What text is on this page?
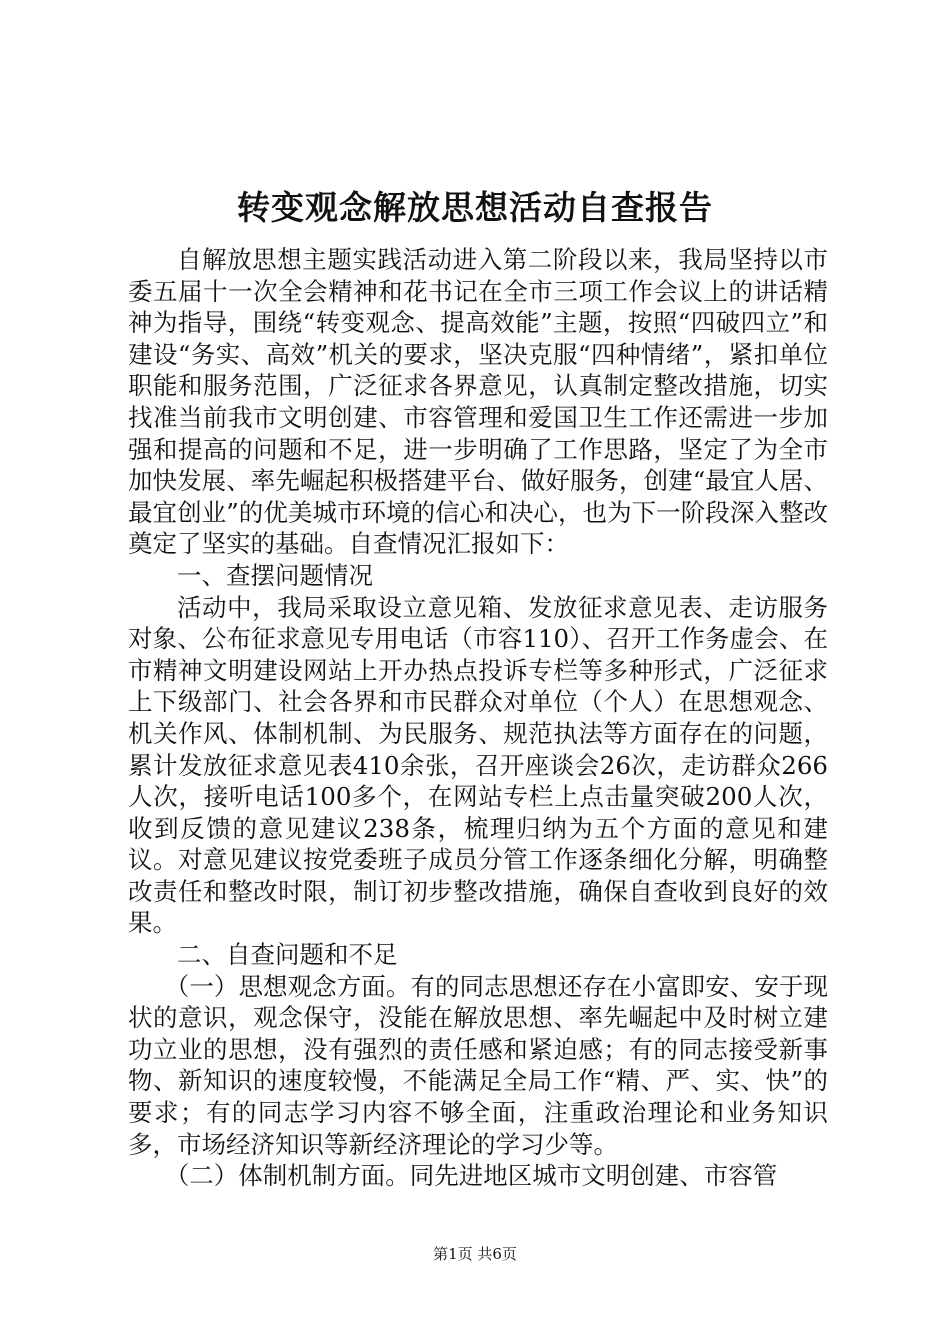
转变观念解放思想活动自查报告

自解放思想主题实践活动进入第二阶段以来，我局坚持以市委五届十一次全会精神和花书记在全市三项工作会议上的讲话精神为指导，围绕“转变观念、提高效能”主题，按照“四破四立”和建设“务实、高效”机关的要求，坚决克服“四种情绪”，紧扣单位职能和服务范围，广泛征求各界意见，认真制定整改措施，切实找准当前我市文明创建、市容管理和爱国卫生工作还需进一步加强和提高的问题和不足，进一步明确了工作思路，坚定了为全市加快发展、率先崛起积极搭建平台、做好服务，创建“最宜人居、最宜创业”的优美城市环境的信心和决心，也为下一阶段深入整改奠定了坚实的基础。自查情况汇报如下：

一、查摆问题情况

活动中，我局采取设立意见箱、发放征求意见表、走访服务对象、公布征求意见专用电话（市容110）、召开工作务虚会、在市精神文明建设网站上开办热点投诉专栏等多种形式，广泛征求上下级部门、社会各界和市民群众对单位（个人）在思想观念、机关作风、体制机制、为民服务、规范执法等方面存在的问题，累计发放征求意见表410余张，召开座谈会26次，走访群众266人次，接听电话100多个，在网站专栏上点击量突破200人次，收到反馈的意见建议238条，梳理归纳为五个方面的意见和建议。对意见建议按党委班子成员分管工作逐条细化分解，明确整改责任和整改时限，制订初步整改措施，确保自查收到良好的效果。

二、自查问题和不足

（一）思想观念方面。有的同志思想还存在小富即安、安于现状的意识，观念保守，没能在解放思想、率先崛起中及时树立建功立业的思想，没有强烈的责任感和紧迫感；有的同志接受新事物、新知识的速度较慢，不能满足全局工作“精、严、实、快”的要求；有的同志学习内容不够全面，注重政治理论和业务知识多，市场经济知识等新经济理论的学习少等。

（二）体制机制方面。同先进地区城市文明创建、市容管

第1页 共6页
